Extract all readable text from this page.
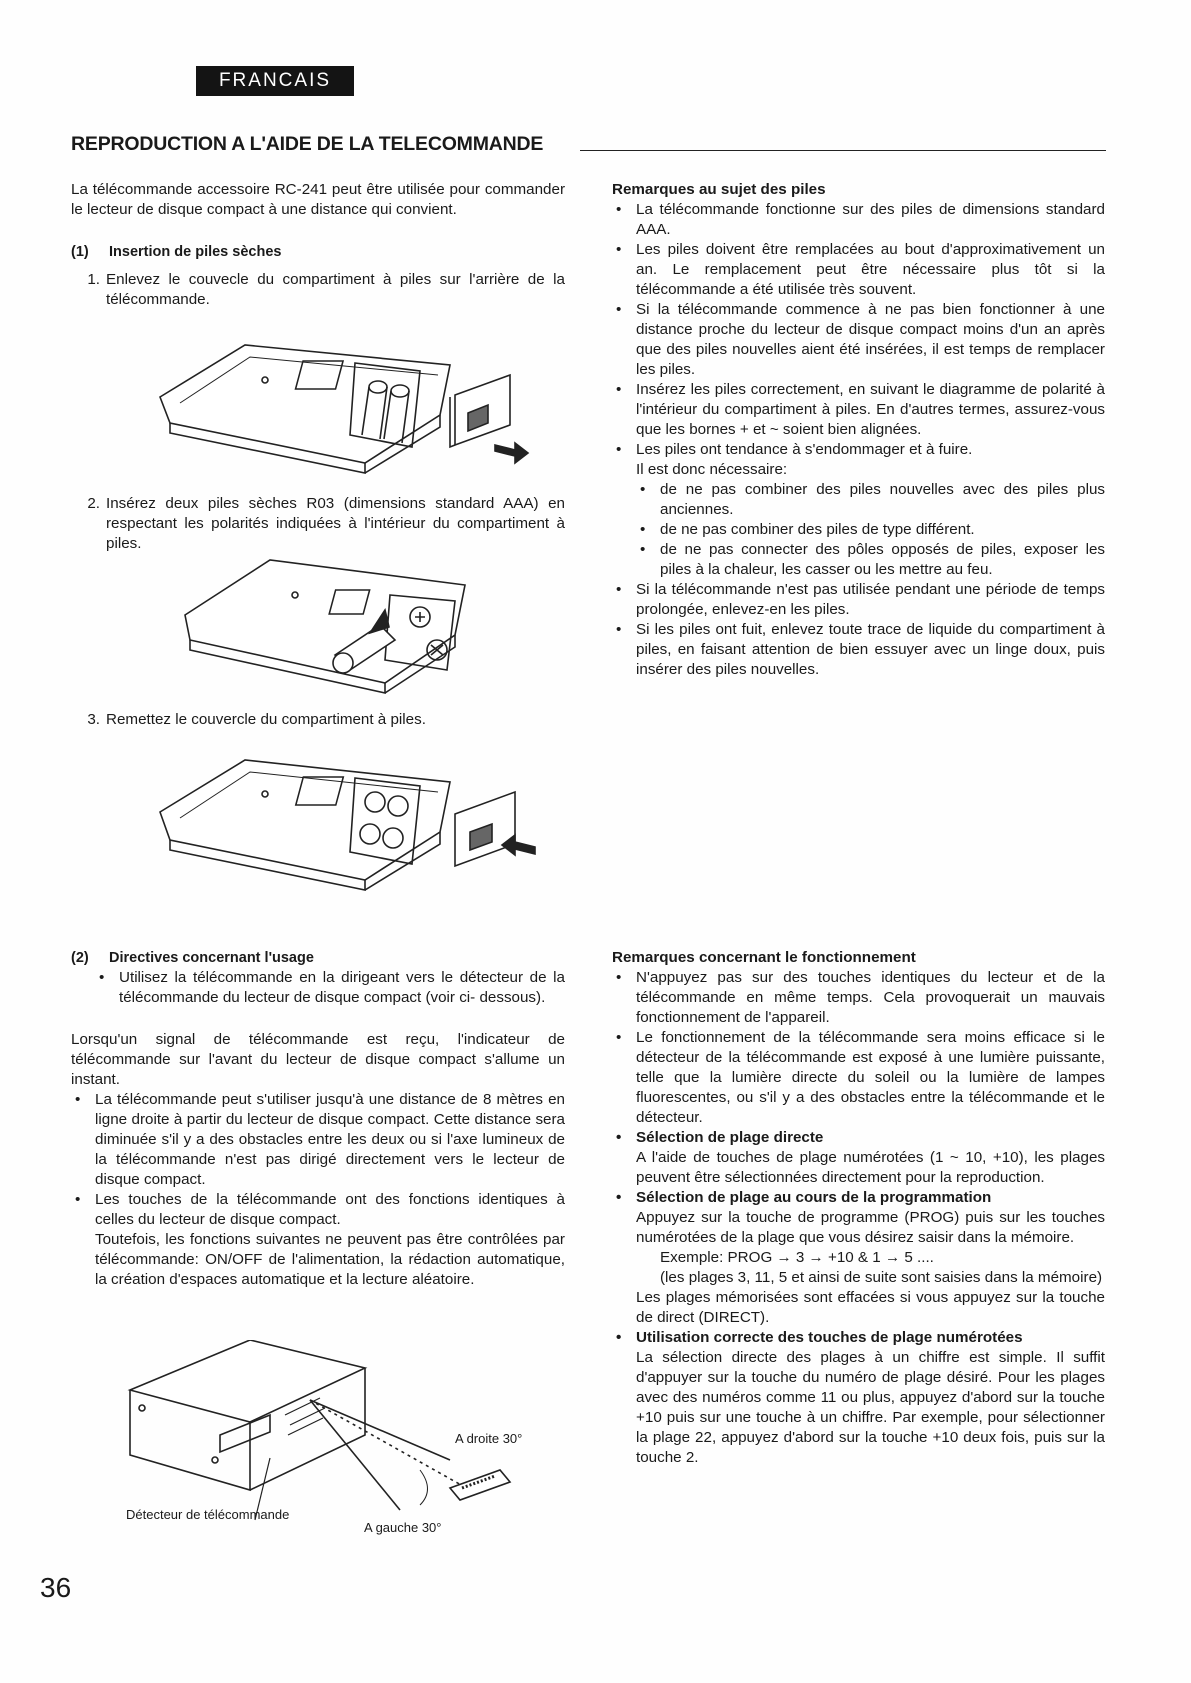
FRANCAIS
REPRODUCTION A L'AIDE DE LA TELECOMMANDE

La télécommande accessoire RC-241 peut être utilisée pour commander le lecteur de disque compact à une distance qui convient.

(1) Insertion de piles sèches

1. Enlevez le couvecle du compartiment à piles sur l'arrière de la télécommande.
2. Insérez deux piles sèches R03 (dimensions standard AAA) en respectant les polarités indiquées à l'intérieur du compartiment à piles.
3. Remettez le couvercle du compartiment à piles.

Remarques au sujet des piles

• La télécommande fonctionne sur des piles de dimensions standard AAA.
• Les piles doivent être remplacées au bout d'approximativement un an. Le remplacement peut être nécessaire plus tôt si la télécommande a été utilisée très souvent.
• Si la télécommande commence à ne pas bien fonctionner à une distance proche du lecteur de disque compact moins d'un an après que des piles nouvelles aient été insérées, il est temps de remplacer les piles.
• Insérez les piles correctement, en suivant le diagramme de polarité à l'intérieur du compartiment à piles. En d'autres termes, assurez-vous que les bornes + et ~ soient bien alignées.
• Les piles ont tendance à s'endommager et à fuire.
Il est donc nécessaire:
• de ne pas combiner des piles nouvelles avec des piles plus anciennes.
• de ne pas combiner des piles de type différent.
• de ne pas connecter des pôles opposés de piles, exposer les piles à la chaleur, les casser ou les mettre au feu.
• Si la télécommande n'est pas utilisée pendant une période de temps prolongée, enlevez-en les piles.
• Si les piles ont fuit, enlevez toute trace de liquide du compartiment à piles, en faisant attention de bien essuyer avec un linge doux, puis insérer des piles nouvelles.

(2) Directives concernant l'usage

• Utilisez la télécommande en la dirigeant vers le détecteur de la télécommande du lecteur de disque compact (voir ci- dessous).

Lorsqu'un signal de télécommande est reçu, l'indicateur de télécommande sur l'avant du lecteur de disque compact s'allume un instant.

• La télécommande peut s'utiliser jusqu'à une distance de 8 mètres en ligne droite à partir du lecteur de disque compact. Cette distance sera diminuée s'il y a des obstacles entre les deux ou si l'axe lumineux de la télécommande n'est pas dirigé directement vers le lecteur de disque compact.
• Les touches de la télécommande ont des fonctions identiques à celles du lecteur de disque compact.
Toutefois, les fonctions suivantes ne peuvent pas être contrôlées par télécommande: ON/OFF de l'alimentation, la rédaction automatique, la création d'espaces automatique et la lecture aléatoire.
A droite 30°
A gauche 30°
Détecteur de télécommande

Remarques concernant le fonctionnement

• N'appuyez pas sur des touches identiques du lecteur et de la télécommande en même temps. Cela provoquerait un mauvais fonctionnement de l'appareil.
• Le fonctionnement de la télécommande sera moins efficace si le détecteur de la télécommande est exposé à une lumière puissante, telle que la lumière directe du soleil ou la lumière de lampes fluorescentes, ou s'il y a des obstacles entre la télécommande et le détecteur.
• Sélection de plage directe
A l'aide de touches de plage numérotées (1 ~ 10, +10), les plages peuvent être sélectionnées directement pour la reproduction.
• Sélection de plage au cours de la programmation
Appuyez sur la touche de programme (PROG) puis sur les touches numérotées de la plage que vous désirez saisir dans la mémoire.
Exemple: PROG → 3 → +10 & 1 → 5 ....
(les plages 3, 11, 5 et ainsi de suite sont saisies dans la mémoire)
Les plages mémorisées sont effacées si vous appuyez sur la touche de direct (DIRECT).
• Utilisation correcte des touches de plage numérotées
La sélection directe des plages à un chiffre est simple. Il suffit d'appuyer sur la touche du numéro de plage désiré. Pour les plages avec des numéros comme 11 ou plus, appuyez d'abord sur la touche +10 puis sur une touche à un chiffre. Par exemple, pour sélectionner la plage 22, appuyez d'abord sur la touche +10 deux fois, puis sur la touche 2.
36
